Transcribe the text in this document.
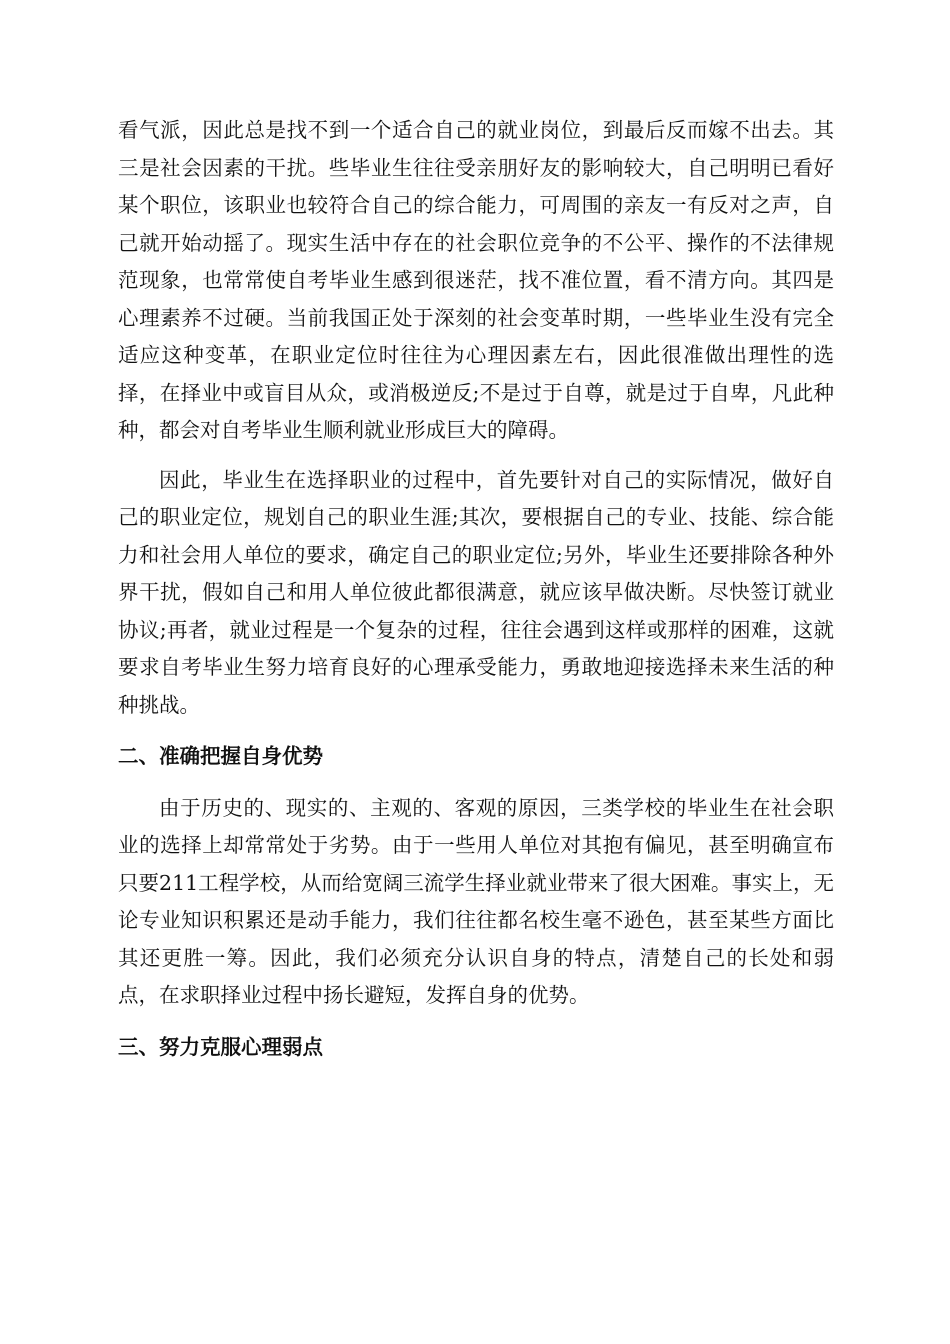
看气派，因此总是找不到一个适合自己的就业岗位，到最后反而嫁不出去。其三是社会因素的干扰。些毕业生往往受亲朋好友的影响较大，自己明明已看好某个职位，该职业也较符合自己的综合能力，可周围的亲友一有反对之声，自己就开始动摇了。现实生活中存在的社会职位竞争的不公平、操作的不法律规范现象，也常常使自考毕业生感到很迷茫，找不准位置，看不清方向。其四是心理素养不过硬。当前我国正处于深刻的社会变革时期，一些毕业生没有完全适应这种变革，在职业定位时往往为心理因素左右，因此很准做出理性的选择，在择业中或盲目从众，或消极逆反;不是过于自尊，就是过于自卑，凡此种种，都会对自考毕业生顺利就业形成巨大的障碍。

因此，毕业生在选择职业的过程中，首先要针对自己的实际情况，做好自己的职业定位，规划自己的职业生涯;其次，要根据自己的专业、技能、综合能力和社会用人单位的要求，确定自己的职业定位;另外，毕业生还要排除各种外界干扰，假如自己和用人单位彼此都很满意，就应该早做决断。尽快签订就业协议;再者，就业过程是一个复杂的过程，往往会遇到这样或那样的困难，这就要求自考毕业生努力培育良好的心理承受能力，勇敢地迎接选择未来生活的种种挑战。

二、准确把握自身优势

由于历史的、现实的、主观的、客观的原因，三类学校的毕业生在社会职业的选择上却常常处于劣势。由于一些用人单位对其抱有偏见，甚至明确宣布只要211工程学校，从而给宽阔三流学生择业就业带来了很大困难。事实上，无论专业知识积累还是动手能力，我们往往都名校生毫不逊色，甚至某些方面比其还更胜一筹。因此，我们必须充分认识自身的特点，清楚自己的长处和弱点，在求职择业过程中扬长避短，发挥自身的优势。

三、努力克服心理弱点
